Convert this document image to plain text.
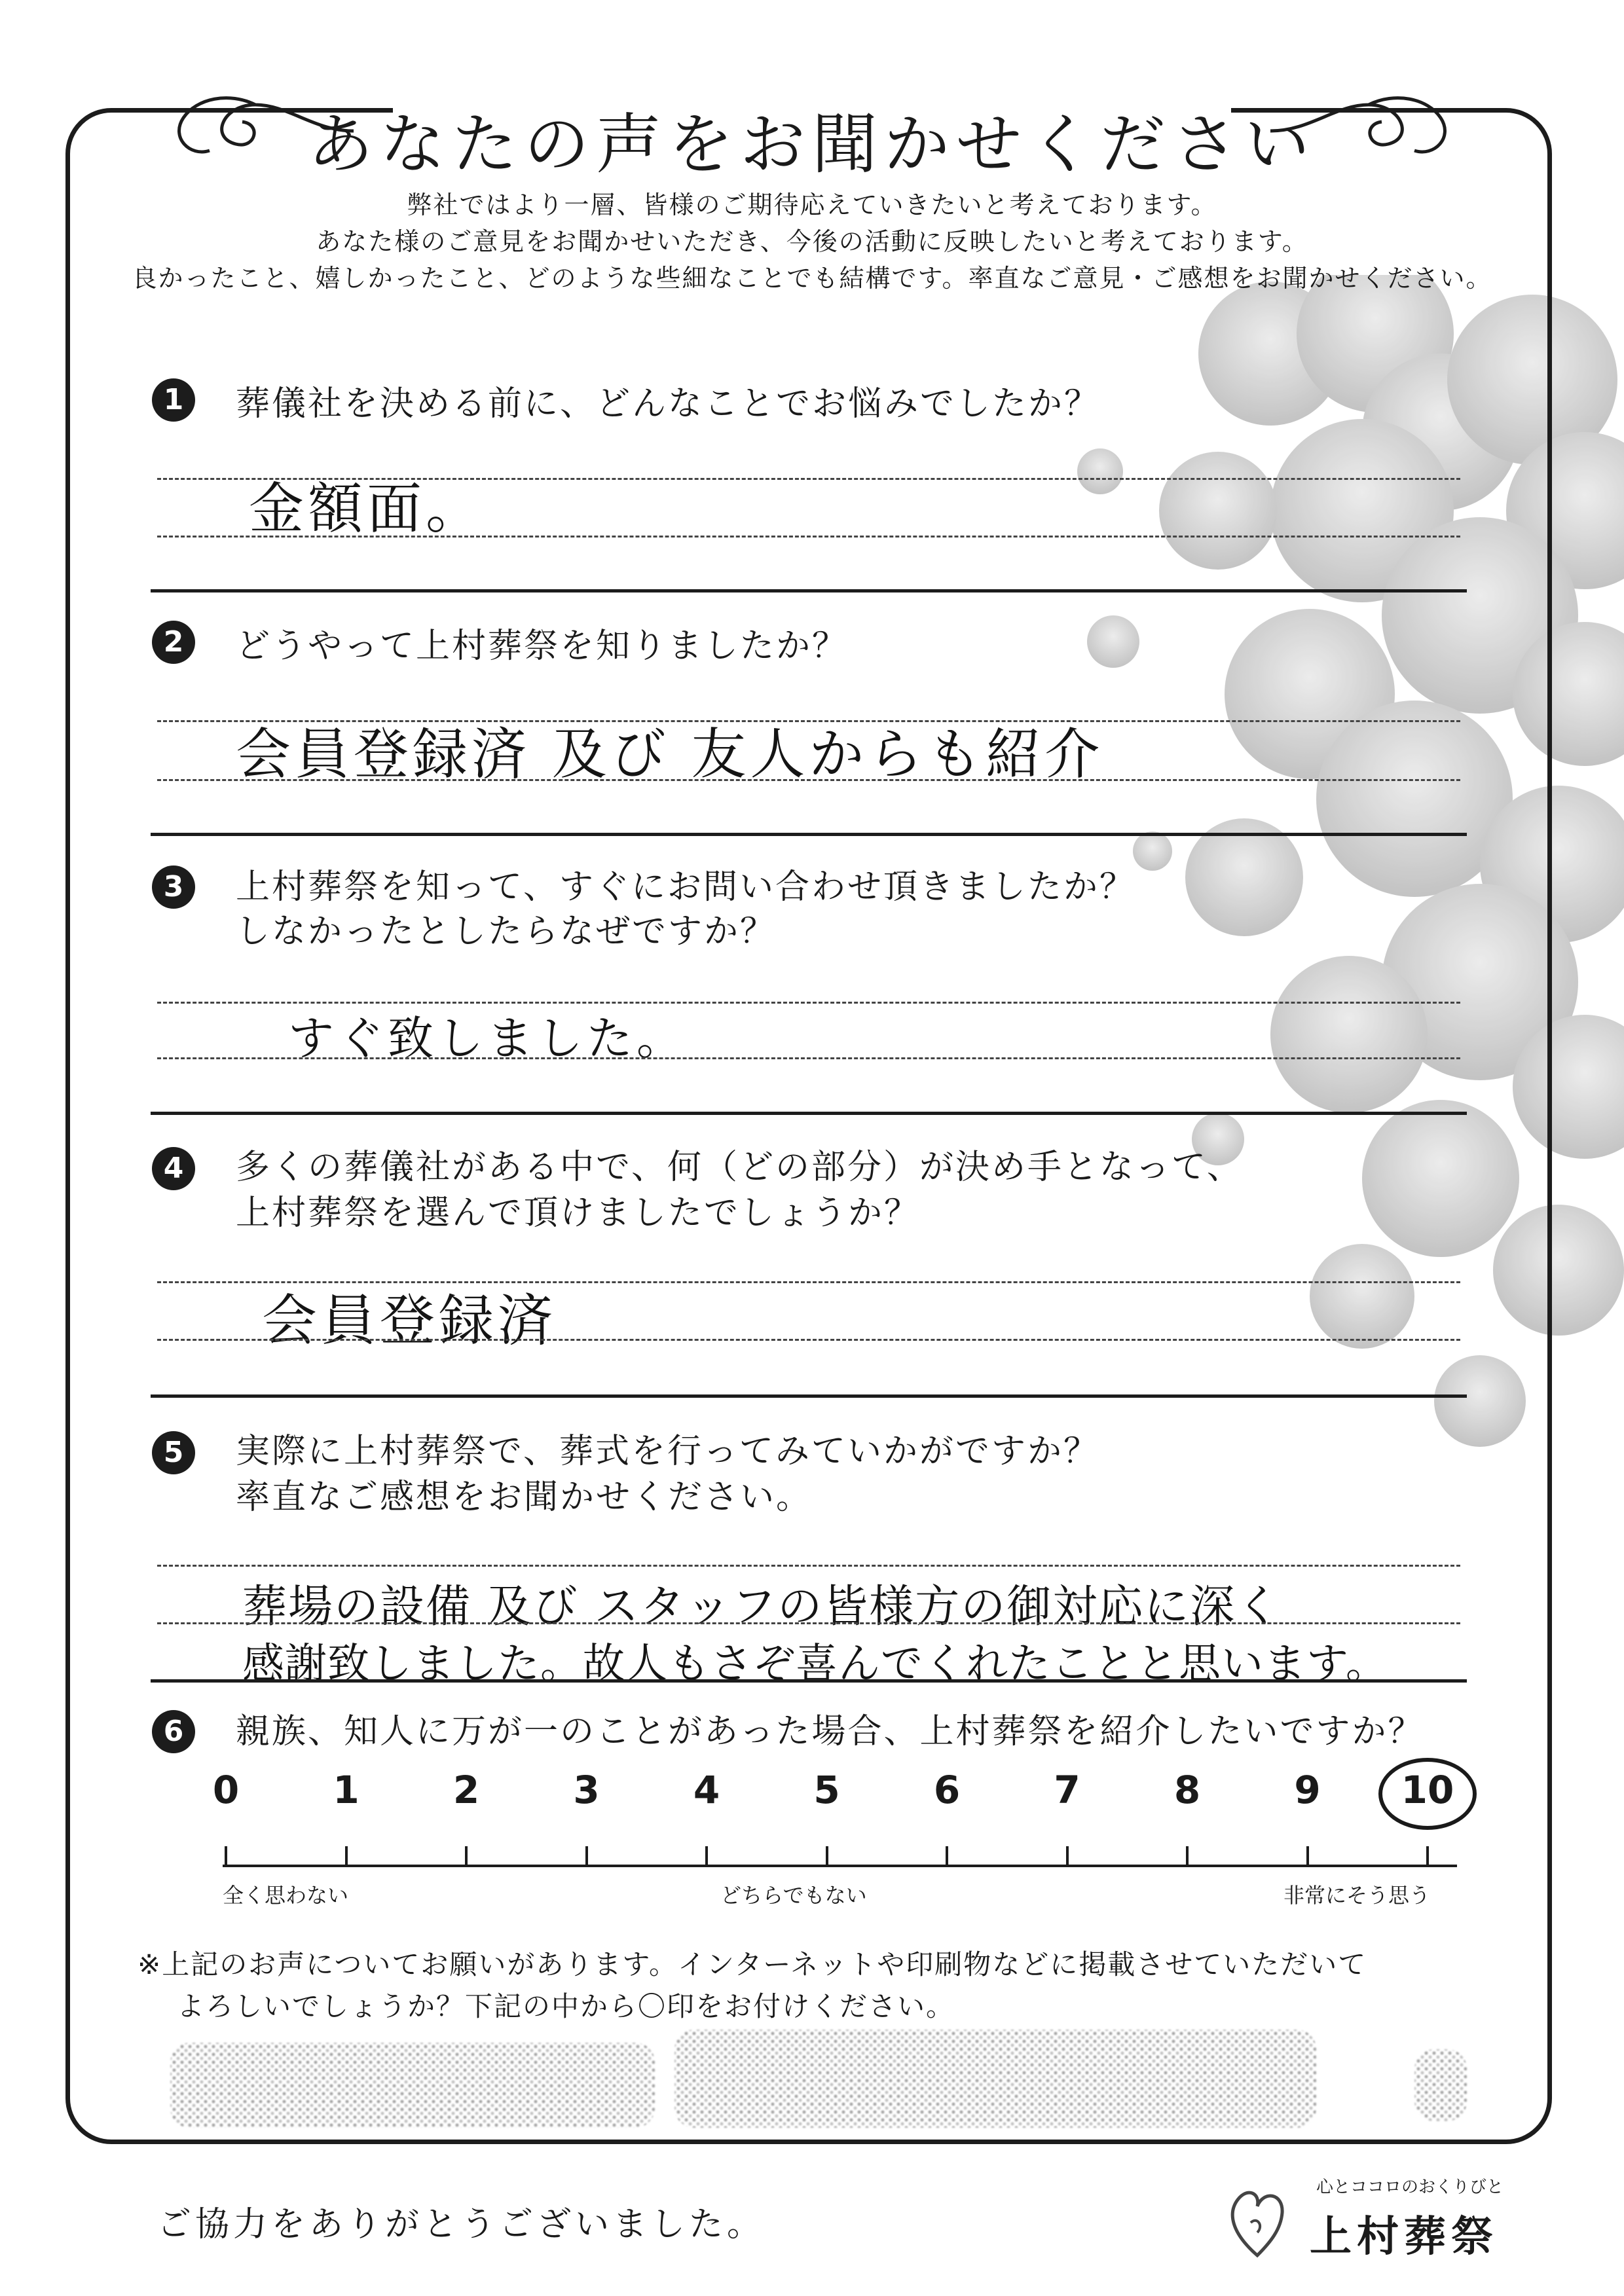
あなたの声をお聞かせください
弊社ではより一層、皆様のご期待応えていきたいと考えております。
あなた様のご意見をお聞かせいただき、今後の活動に反映したいと考えております。
良かったこと、嬉しかったこと、どのような些細なことでも結構です。率直なご意見・ご感想をお聞かせください。
1	葬儀社を決める前に、どんなことでお悩みでしたか？
金額面。
2	どうやって上村葬祭を知りましたか？
会員登録済 及び 友人からも紹介
3	上村葬祭を知って、すぐにお問い合わせ頂きましたか？
しなかったとしたらなぜですか？
すぐ致しました。
4	多くの葬儀社がある中で、何（どの部分）が決め手となって、
上村葬祭を選んで頂けましたでしょうか？
会員登録済
5	実際に上村葬祭で、葬式を行ってみていかがですか？
率直なご感想をお聞かせください。
葬場の設備 及び スタッフの皆様方の御対応に深く
感謝致しました。故人もさぞ喜んでくれたことと思います。
6	親族、知人に万が一のことがあった場合、上村葬祭を紹介したいですか？
0	1	2	3	4	5	6	7	8	9	10
全く思わない	どちらでもない	非常にそう思う
※上記のお声についてお願いがあります。インターネットや印刷物などに掲載させていただいて
よろしいでしょうか？下記の中から〇印をお付けください。
ご協力をありがとうございました。
心とココロのおくりびと
上村葬祭
